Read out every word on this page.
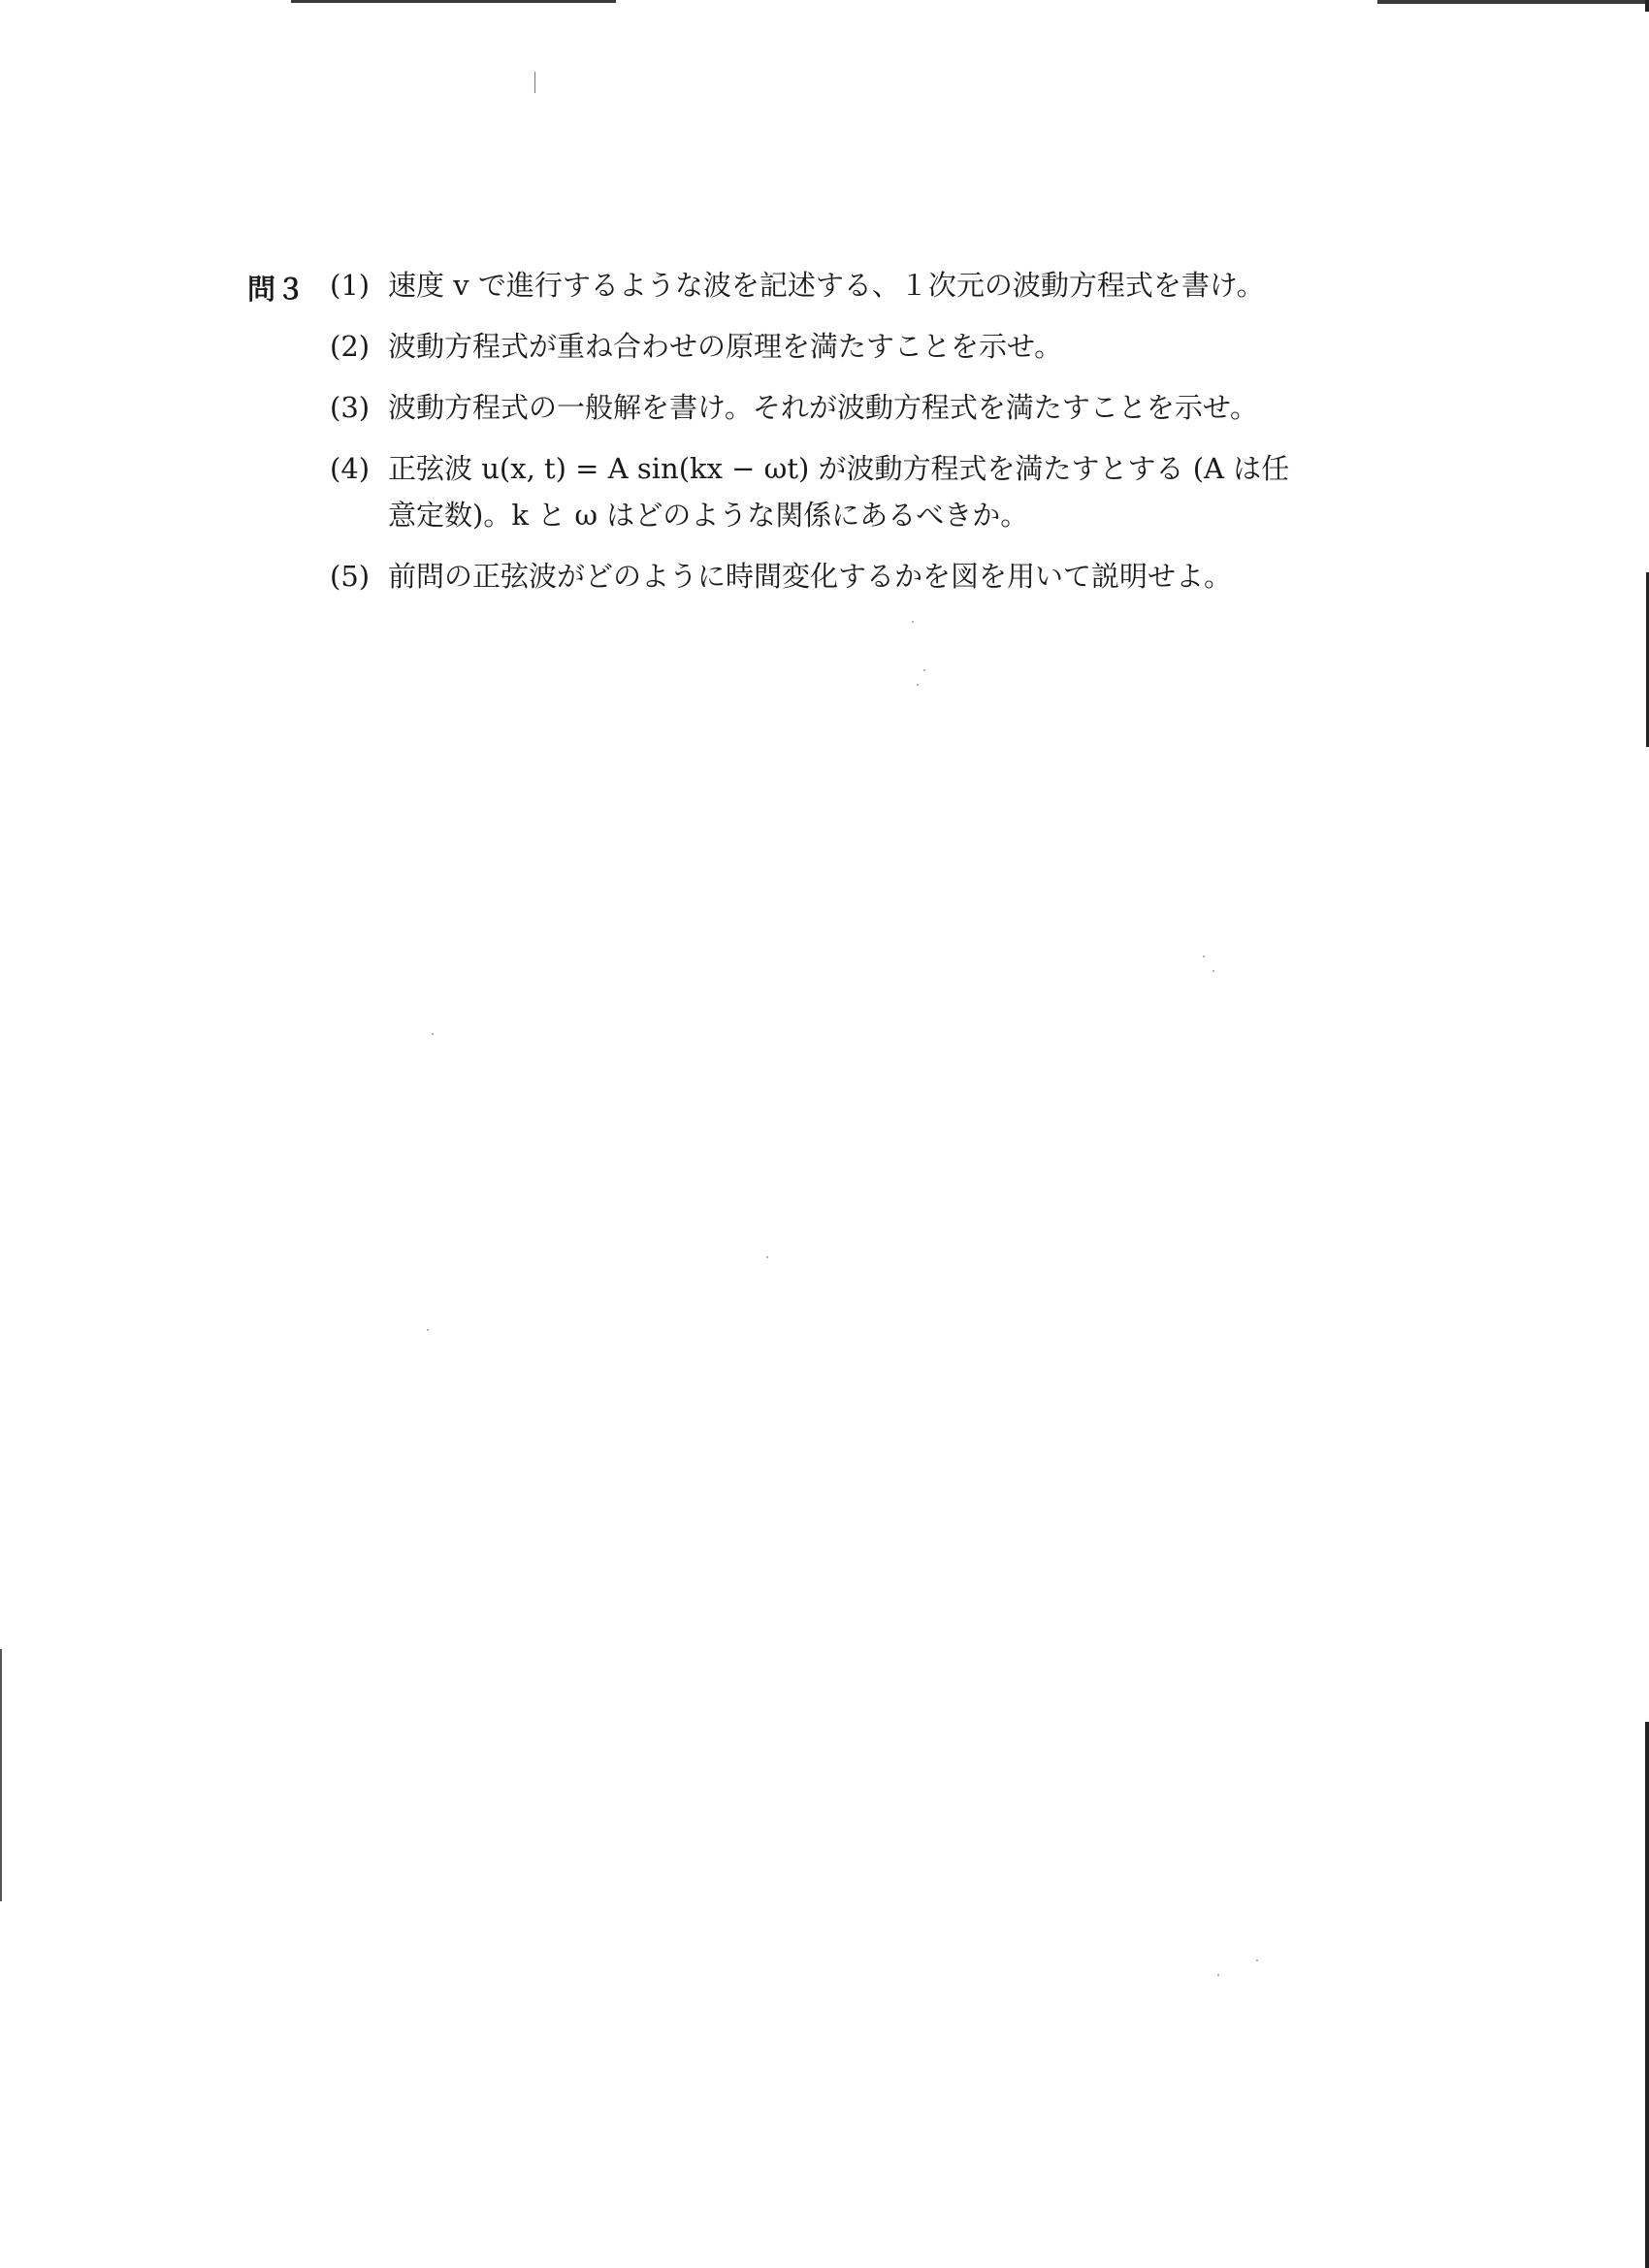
問３ (1) 速度 v で進行するような波を記述する、１次元の波動方程式を書け。
(2) 波動方程式が重ね合わせの原理を満たすことを示せ。
(3) 波動方程式の一般解を書け。それが波動方程式を満たすことを示せ。
(4) 正弦波 u(x, t) = A sin(kx − ωt) が波動方程式を満たすとする (A は任
意定数)。k と ω はどのような関係にあるべきか。
(5) 前問の正弦波がどのように時間変化するかを図を用いて説明せよ。
